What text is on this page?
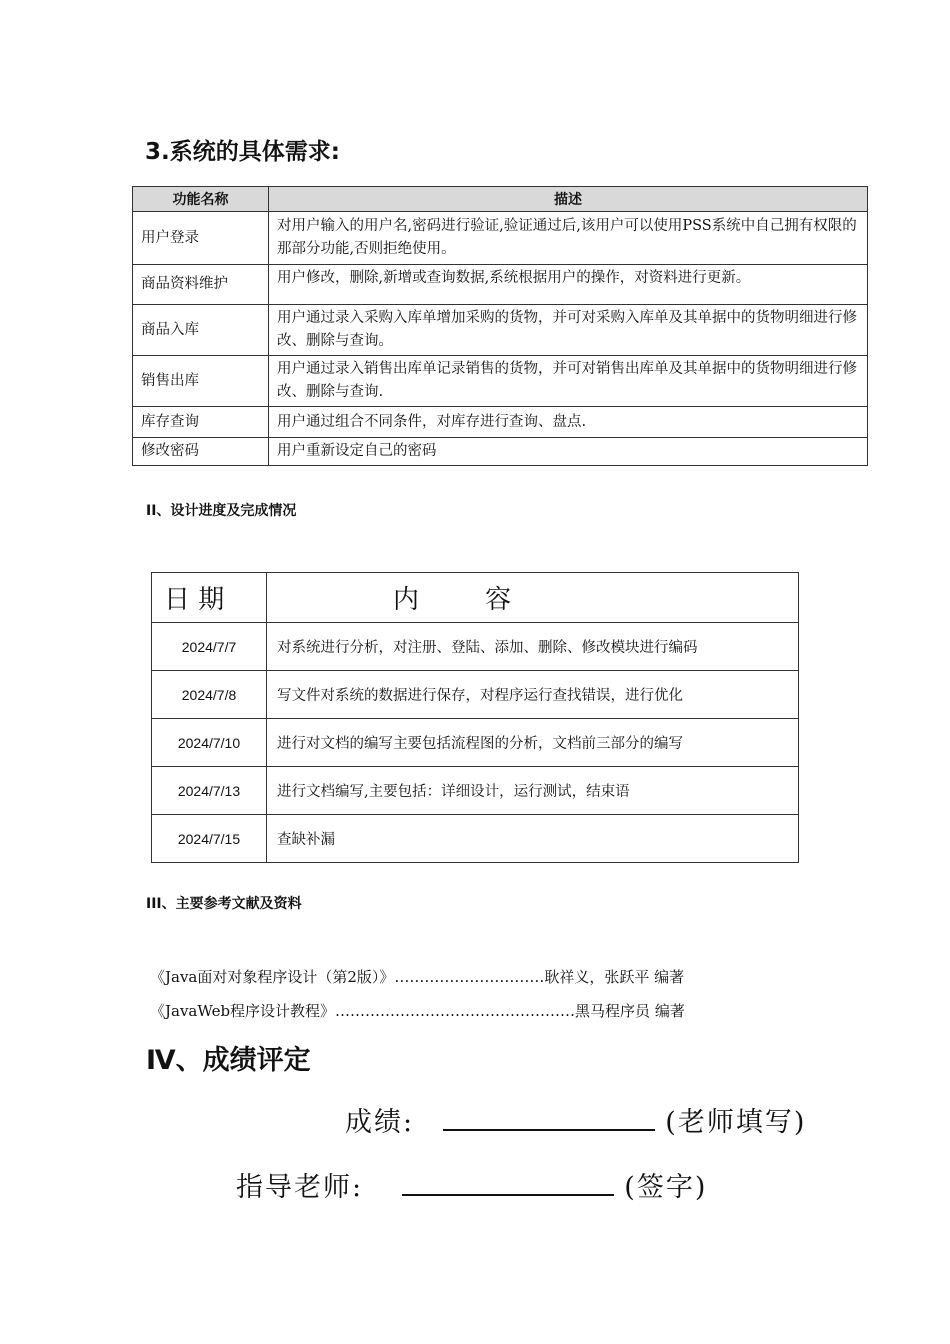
3.系统的具体需求:
功能名称	描述
用户登录	对用户输入的用户名,密码进行验证,验证通过后,该用户可以使用PSS系统中自己拥有权限的那部分功能,否则拒绝使用。
商品资料维护	用户修改，删除,新增或查询数据,系统根据用户的操作，对资料进行更新。
商品入库	用户通过录入采购入库单增加采购的货物，并可对采购入库单及其单据中的货物明细进行修改、删除与查询。
销售出库	用户通过录入销售出库单记录销售的货物，并可对销售出库单及其单据中的货物明细进行修改、删除与查询.
库存查询	用户通过组合不同条件，对库存进行查询、盘点.
修改密码	用户重新设定自己的密码
II、设计进度及完成情况
日 期	内        容
2024/7/7	对系统进行分析，对注册、登陆、添加、删除、修改模块进行编码
2024/7/8	写文件对系统的数据进行保存，对程序运行查找错误，进行优化
2024/7/10	进行对文档的编写主要包括流程图的分析，文档前三部分的编写
2024/7/13	进行文档编写,主要包括：详细设计，运行测试，结束语
2024/7/15	查缺补漏
III、主要参考文献及资料
《Java面对对象程序设计（第2版）》…………………………耿祥义，张跃平 编著
《JavaWeb程序设计教程》…………………………………………黑马程序员 编著
Ⅳ、成绩评定
成绩:	(老师填写)
指导老师:	(签字)
